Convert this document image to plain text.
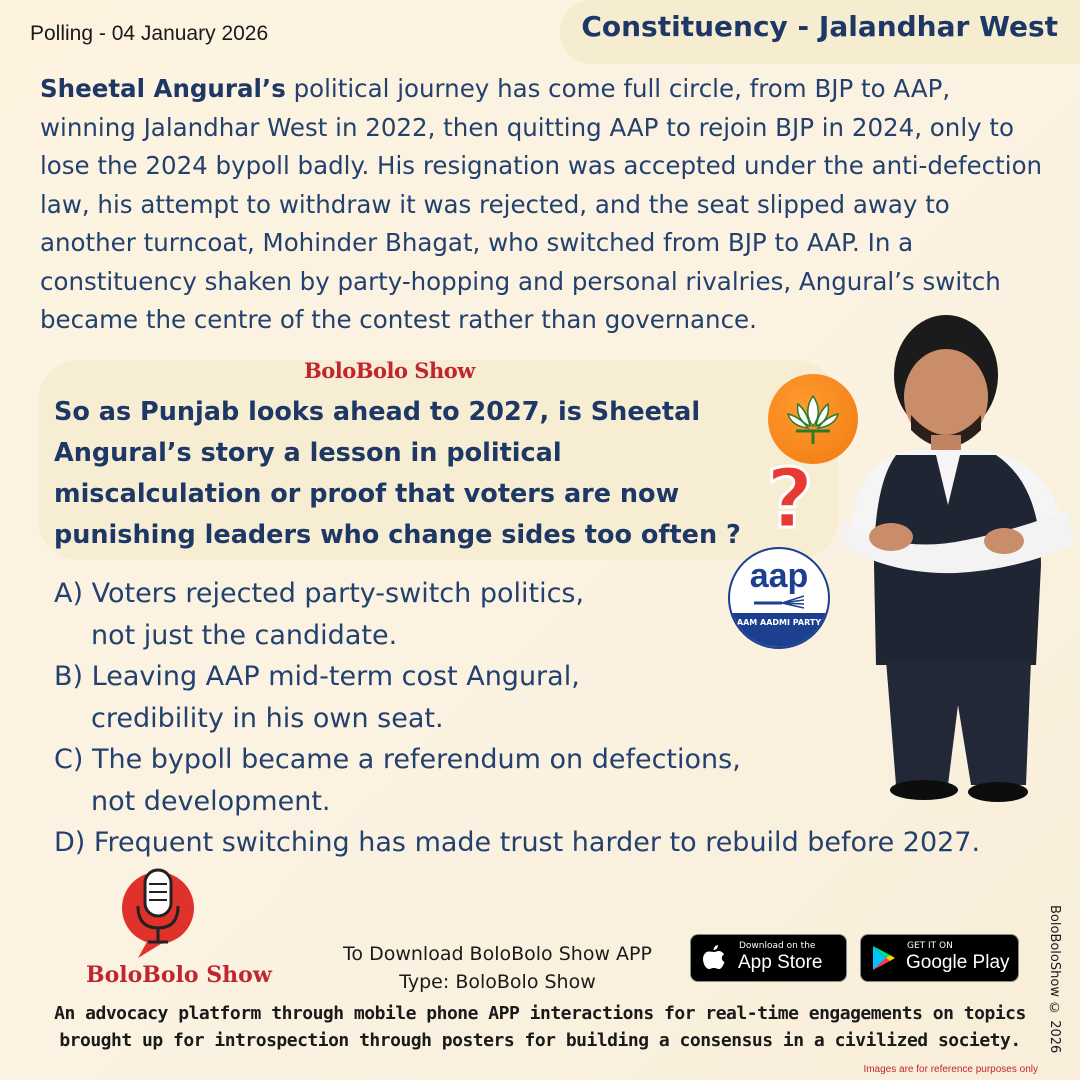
Polling - 04 January 2026	Constituency - Jalandhar West
Sheetal Angural’s political journey has come full circle, from BJP to AAP, winning Jalandhar West in 2022, then quitting AAP to rejoin BJP in 2024, only to lose the 2024 bypoll badly. His resignation was accepted under the anti-defection law, his attempt to withdraw it was rejected, and the seat slipped away to another turncoat, Mohinder Bhagat, who switched from BJP to AAP. In a constituency shaken by party-hopping and personal rivalries, Angural’s switch became the centre of the contest rather than governance.
BoloBolo Show
So as Punjab looks ahead to 2027, is Sheetal Angural’s story a lesson in political miscalculation or proof that voters are now punishing leaders who change sides too often ?
A) Voters rejected party-switch politics,
not just the candidate.
B) Leaving AAP mid-term cost Angural,
credibility in his own seat.
C) The bypoll became a referendum on defections,
not development.
D) Frequent switching has made trust harder to rebuild before 2027.
?
aap
AAM AADMI PARTY
BoloBolo Show
To Download BoloBolo Show APP
Type: BoloBolo Show
Download on the
App Store
GET IT ON
Google Play
An advocacy platform through mobile phone APP interactions for real-time engagements on topics brought up for introspection through posters for building a consensus in a civilized society.	BoloBoloShow © 2026
Images are for reference purposes only
